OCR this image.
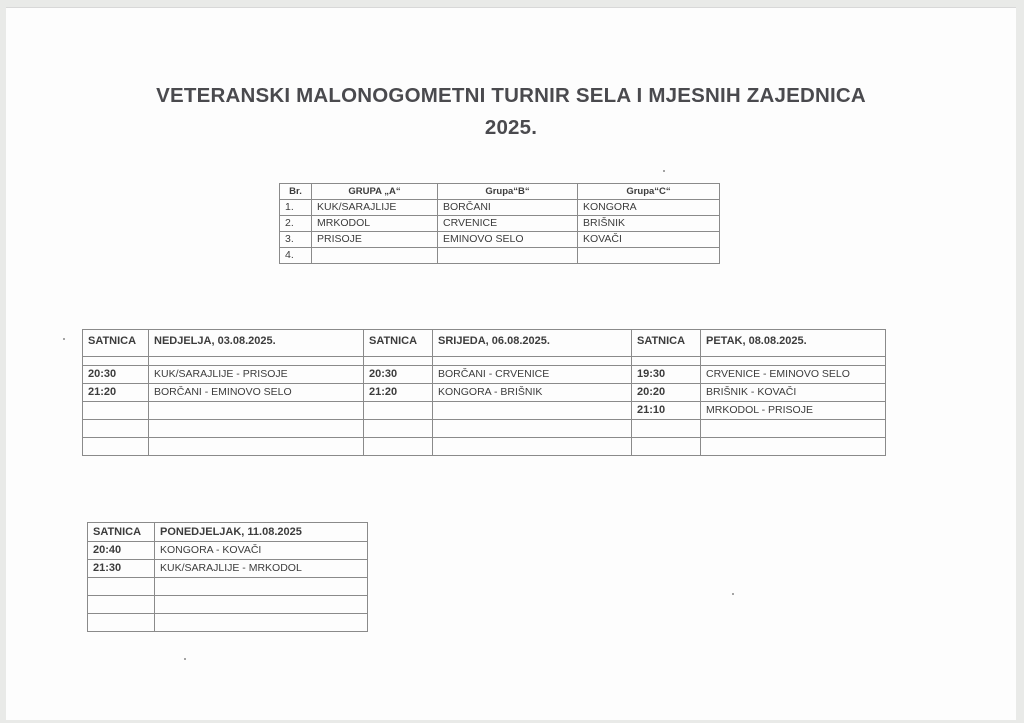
VETERANSKI MALONOGOMETNI TURNIR SELA I MJESNIH ZAJEDNICA
2025.
Br.	GRUPA „A“	Grupa“B“	Grupa“C“
1.	KUK/SARAJLIJE	BORČANI	KONGORA
2.	MRKODOL	CRVENICE	BRIŠNIK
3.	PRISOJE	EMINOVO SELO	KOVAČI
4.			
SATNICA	NEDJELJA, 03.08.2025.	SATNICA	SRIJEDA, 06.08.2025.	SATNICA	PETAK, 08.08.2025.

20:30	KUK/SARAJLIJE - PRISOJE	20:30	BORČANI - CRVENICE	19:30	CRVENICE - EMINOVO SELO
21:20	BORČANI - EMINOVO SELO	21:20	KONGORA - BRIŠNIK	20:20	BRIŠNIK - KOVAČI
				21:10	MRKODOL - PRISOJE

SATNICA	PONEDJELJAK, 11.08.2025
20:40	KONGORA - KOVAČI
21:30	KUK/SARAJLIJE - MRKODOL
